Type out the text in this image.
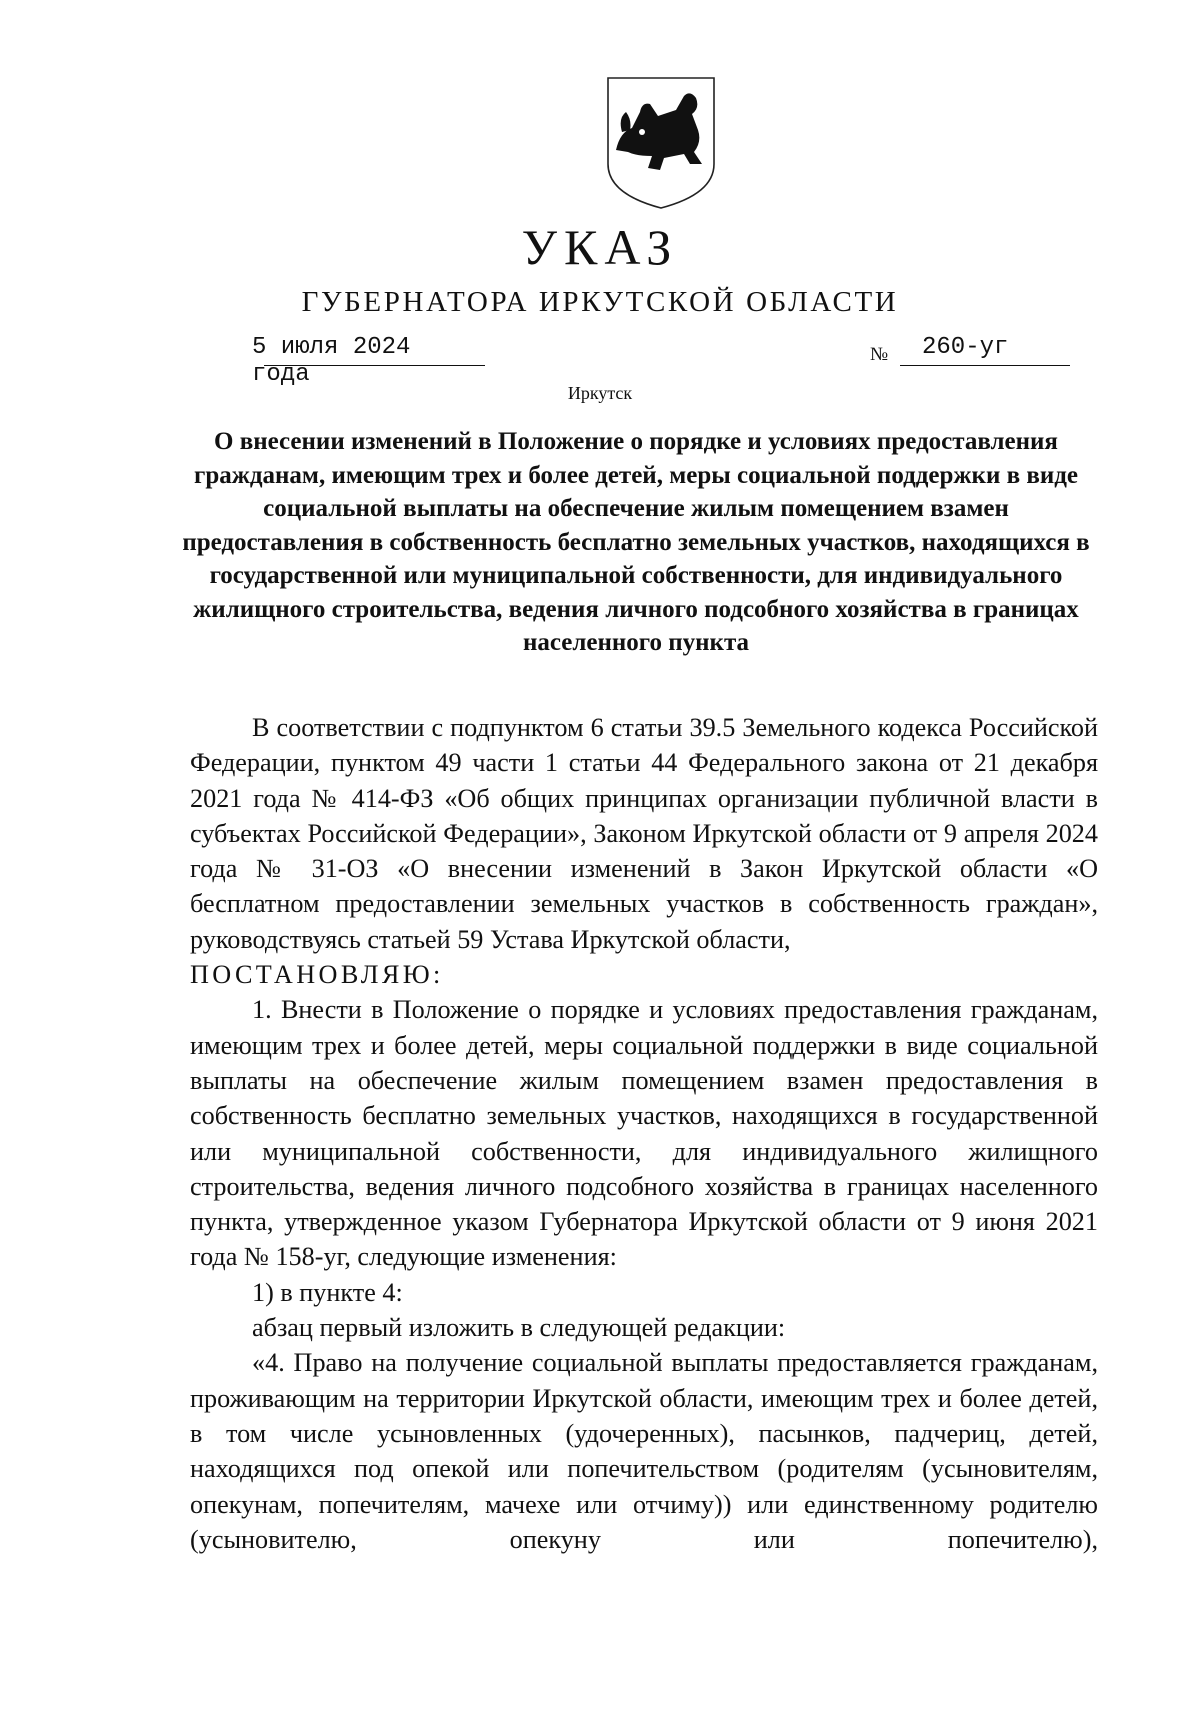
УКАЗ
ГУБЕРНАТОРА ИРКУТСКОЙ ОБЛАСТИ
5 июля 2024 года
№ 260-уг
Иркутск
О внесении изменений в Положение о порядке и условиях предоставления гражданам, имеющим трех и более детей, меры социальной поддержки в виде социальной выплаты на обеспечение жилым помещением взамен предоставления в собственность бесплатно земельных участков, находящихся в государственной или муниципальной собственности, для индивидуального жилищного строительства, ведения личного подсобного хозяйства в границах населенного пункта

В соответствии с подпунктом 6 статьи 39.5 Земельного кодекса Российской Федерации, пунктом 49 части 1 статьи 44 Федерального закона от 21 декабря 2021 года № 414-ФЗ «Об общих принципах организации публичной власти в субъектах Российской Федерации», Законом Иркутской области от 9 апреля 2024 года № 31-ОЗ «О внесении изменений в Закон Иркутской области «О бесплатном предоставлении земельных участков в собственность граждан», руководствуясь статьей 59 Устава Иркутской области,

ПОСТАНОВЛЯЮ:

1. Внести в Положение о порядке и условиях предоставления гражданам, имеющим трех и более детей, меры социальной поддержки в виде социальной выплаты на обеспечение жилым помещением взамен предоставления в собственность бесплатно земельных участков, находящихся в государственной или муниципальной собственности, для индивидуального жилищного строительства, ведения личного подсобного хозяйства в границах населенного пункта, утвержденное указом Губернатора Иркутской области от 9 июня 2021 года № 158-уг, следующие изменения:

1) в пункте 4:

абзац первый изложить в следующей редакции:

«4. Право на получение социальной выплаты предоставляется гражданам, проживающим на территории Иркутской области, имеющим трех и более детей, в том числе усыновленных (удочеренных), пасынков, падчериц, детей, находящихся под опекой или попечительством (родителям (усыновителям, опекунам, попечителям, мачехе или отчиму)) или единственному родителю (усыновителю, опекуну или попечителю),
